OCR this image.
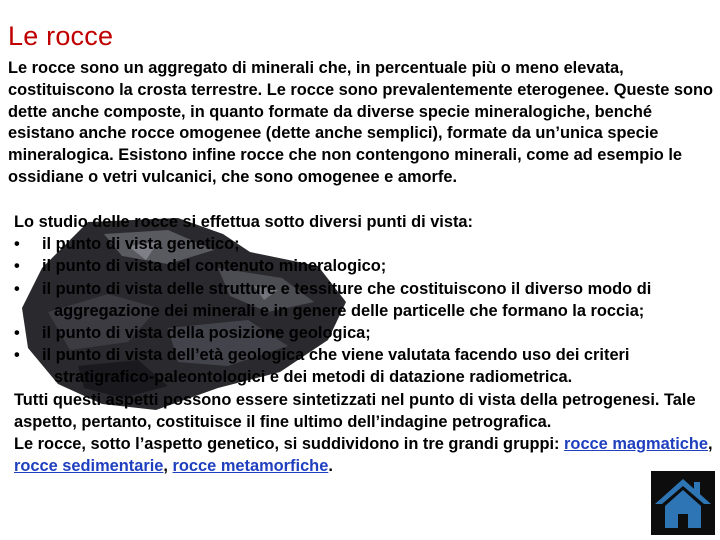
Le rocce

Le rocce sono un aggregato di minerali che, in percentuale più o meno elevata, costituiscono la crosta terrestre. Le rocce sono prevalentemente eterogenee. Queste sono dette anche composte, in quanto formate da diverse specie mineralogiche, benché esistano anche rocce omogenee (dette anche semplici), formate da un’unica specie mineralogica. Esistono infine rocce che non contengono minerali, come ad esempio le ossidiane o vetri vulcanici, che sono omogenee e amorfe.

Lo studio delle rocce si effettua sotto diversi punti di vista:

• il punto di vista genetico;
• il punto di vista del contenuto mineralogico;
• il punto di vista delle strutture e tessiture che costituiscono il diverso modo di
aggregazione dei minerali e in genere delle particelle che formano la roccia;
• il punto di vista della posizione geologica;
• il punto di vista dell’età geologica che viene valutata facendo uso dei criteri
stratigrafico-paleontologici e dei metodi di datazione radiometrica.

Tutti questi aspetti possono essere sintetizzati nel punto di vista della petrogenesi. Tale aspetto, pertanto, costituisce il fine ultimo dell’indagine petrografica.

Le rocce, sotto l’aspetto genetico, si suddividono in tre grandi gruppi: rocce magmatiche, rocce sedimentarie, rocce metamorfiche.
